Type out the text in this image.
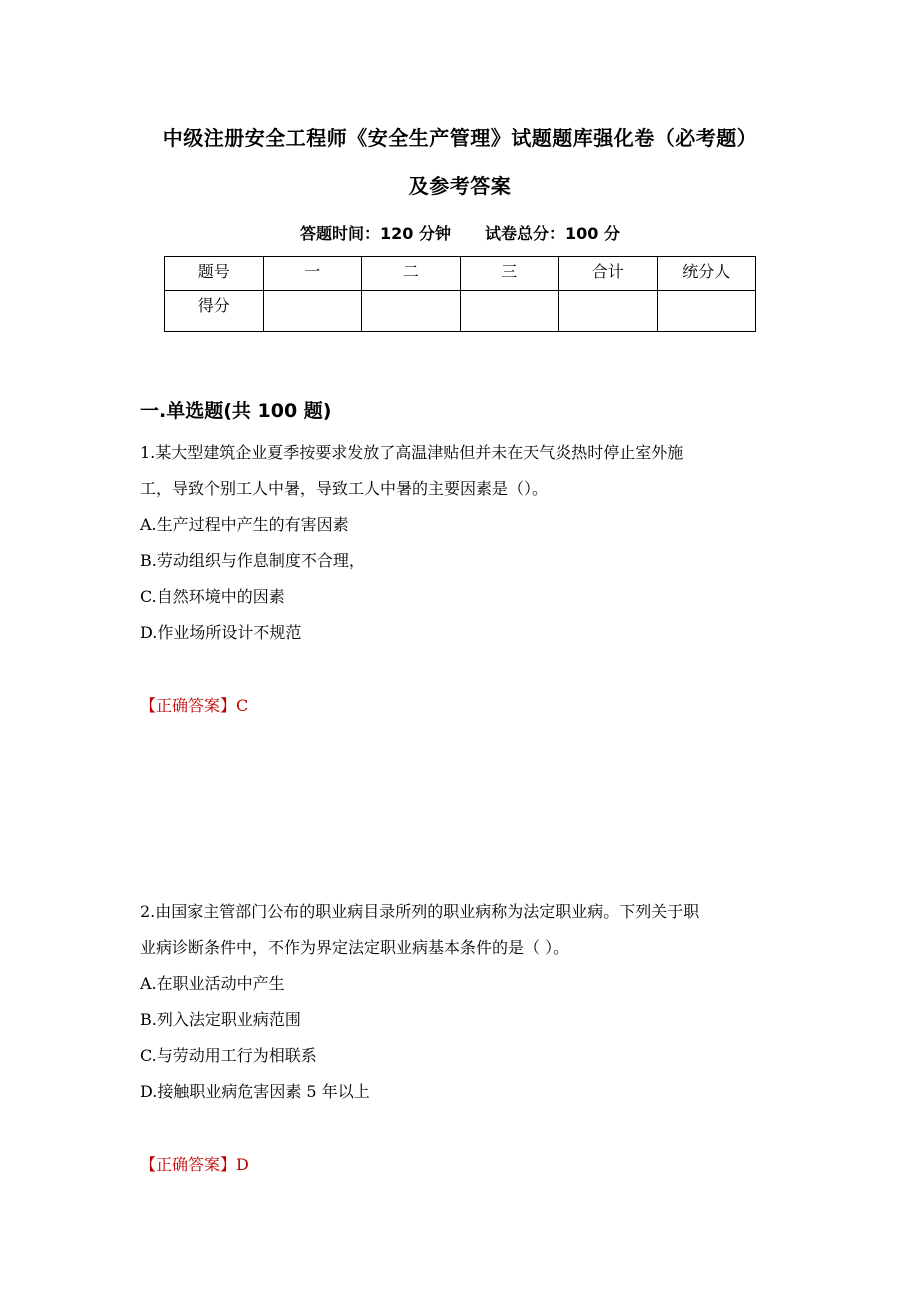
中级注册安全工程师《安全生产管理》试题题库强化卷（必考题）
及参考答案
答题时间：120 分钟 试卷总分：100 分
题号	一	二	三	合计	统分人
得分					
一.单选题(共 100 题)
1.某大型建筑企业夏季按要求发放了高温津贴但并未在天气炎热时停止室外施
工，导致个别工人中暑，导致工人中暑的主要因素是（）。
A.生产过程中产生的有害因素
B.劳动组织与作息制度不合理，
C.自然环境中的因素
D.作业场所设计不规范
【正确答案】C
2.由国家主管部门公布的职业病目录所列的职业病称为法定职业病。下列关于职
业病诊断条件中，不作为界定法定职业病基本条件的是（ ）。
A.在职业活动中产生
B.列入法定职业病范围
C.与劳动用工行为相联系
D.接触职业病危害因素 5 年以上
【正确答案】D
